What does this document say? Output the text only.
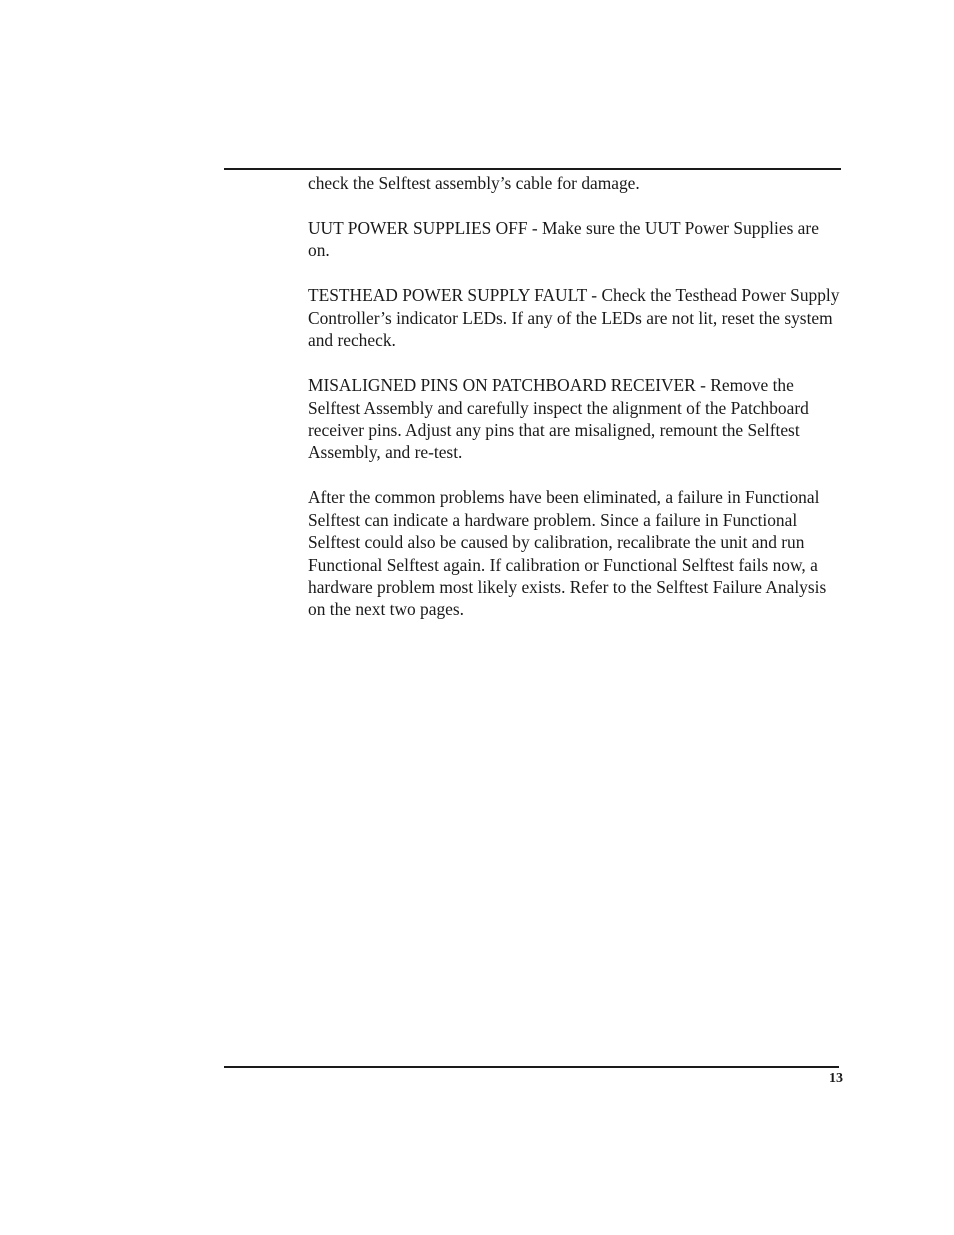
check the Selftest assembly’s cable for damage.

UUT POWER SUPPLIES OFF - Make sure the UUT Power Supplies are on.

TESTHEAD POWER SUPPLY FAULT - Check the Testhead Power Supply Controller’s indicator LEDs. If any of the LEDs are not lit, reset the system and recheck.

MISALIGNED PINS ON PATCHBOARD RECEIVER - Remove the Selftest Assembly and carefully inspect the alignment of the Patchboard receiver pins. Adjust any pins that are misaligned, remount the Selftest Assembly, and re-test.

After the common problems have been eliminated, a failure in Functional Selftest can indicate a hardware problem. Since a failure in Functional Selftest could also be caused by calibration, recalibrate the unit and run Functional Selftest again. If calibration or Functional Selftest fails now, a hardware problem most likely exists. Refer to the Selftest Failure Analysis on the next two pages.

13
